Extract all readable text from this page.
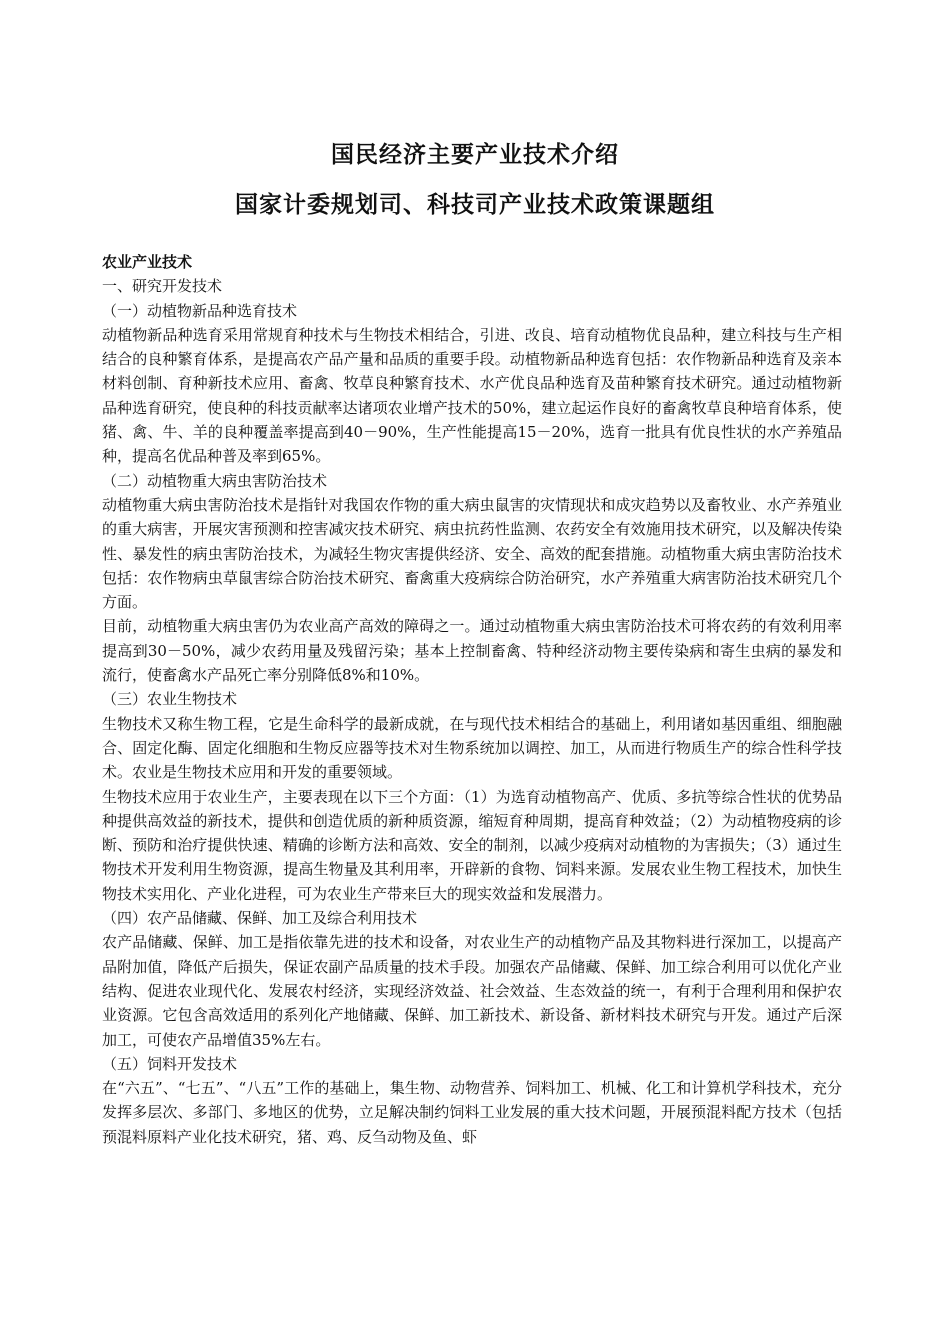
国民经济主要产业技术介绍
国家计委规划司、科技司产业技术政策课题组

农业产业技术

一、研究开发技术

（一）动植物新品种选育技术

动植物新品种选育采用常规育种技术与生物技术相结合，引进、改良、培育动植物优良品种，建立科技与生产相结合的良种繁育体系，是提高农产品产量和品质的重要手段。动植物新品种选育包括：农作物新品种选育及亲本材料创制、育种新技术应用、畜禽、牧草良种繁育技术、水产优良品种选育及苗种繁育技术研究。通过动植物新品种选育研究，使良种的科技贡献率达诸项农业增产技术的50%，建立起运作良好的畜禽牧草良种培育体系，使猪、禽、牛、羊的良种覆盖率提高到40－90%，生产性能提高15－20%，选育一批具有优良性状的水产养殖品种，提高名优品种普及率到65%。

（二）动植物重大病虫害防治技术

动植物重大病虫害防治技术是指针对我国农作物的重大病虫鼠害的灾情现状和成灾趋势以及畜牧业、水产养殖业的重大病害，开展灾害预测和控害减灾技术研究、病虫抗药性监测、农药安全有效施用技术研究，以及解决传染性、暴发性的病虫害防治技术，为减轻生物灾害提供经济、安全、高效的配套措施。动植物重大病虫害防治技术包括：农作物病虫草鼠害综合防治技术研究、畜禽重大疫病综合防治研究，水产养殖重大病害防治技术研究几个方面。

目前，动植物重大病虫害仍为农业高产高效的障碍之一。通过动植物重大病虫害防治技术可将农药的有效利用率提高到30－50%，减少农药用量及残留污染；基本上控制畜禽、特种经济动物主要传染病和寄生虫病的暴发和流行，使畜禽水产品死亡率分别降低8%和10%。

（三）农业生物技术

生物技术又称生物工程，它是生命科学的最新成就，在与现代技术相结合的基础上，利用诸如基因重组、细胞融合、固定化酶、固定化细胞和生物反应器等技术对生物系统加以调控、加工，从而进行物质生产的综合性科学技术。农业是生物技术应用和开发的重要领域。

生物技术应用于农业生产，主要表现在以下三个方面：（1）为选育动植物高产、优质、多抗等综合性状的优势品种提供高效益的新技术，提供和创造优质的新种质资源，缩短育种周期，提高育种效益；（2）为动植物疫病的诊断、预防和治疗提供快速、精确的诊断方法和高效、安全的制剂，以减少疫病对动植物的为害损失；（3）通过生物技术开发利用生物资源，提高生物量及其利用率，开辟新的食物、饲料来源。发展农业生物工程技术，加快生物技术实用化、产业化进程，可为农业生产带来巨大的现实效益和发展潜力。

（四）农产品储藏、保鲜、加工及综合利用技术

农产品储藏、保鲜、加工是指依靠先进的技术和设备，对农业生产的动植物产品及其物料进行深加工，以提高产品附加值，降低产后损失，保证农副产品质量的技术手段。加强农产品储藏、保鲜、加工综合利用可以优化产业结构、促进农业现代化、发展农村经济，实现经济效益、社会效益、生态效益的统一，有利于合理利用和保护农业资源。它包含高效适用的系列化产地储藏、保鲜、加工新技术、新设备、新材料技术研究与开发。通过产后深加工，可使农产品增值35%左右。

（五）饲料开发技术

在“六五”、“七五”、“八五”工作的基础上，集生物、动物营养、饲料加工、机械、化工和计算机学科技术，充分发挥多层次、多部门、多地区的优势，立足解决制约饲料工业发展的重大技术问题，开展预混料配方技术（包括预混料原料产业化技术研究，猪、鸡、反刍动物及鱼、虾
